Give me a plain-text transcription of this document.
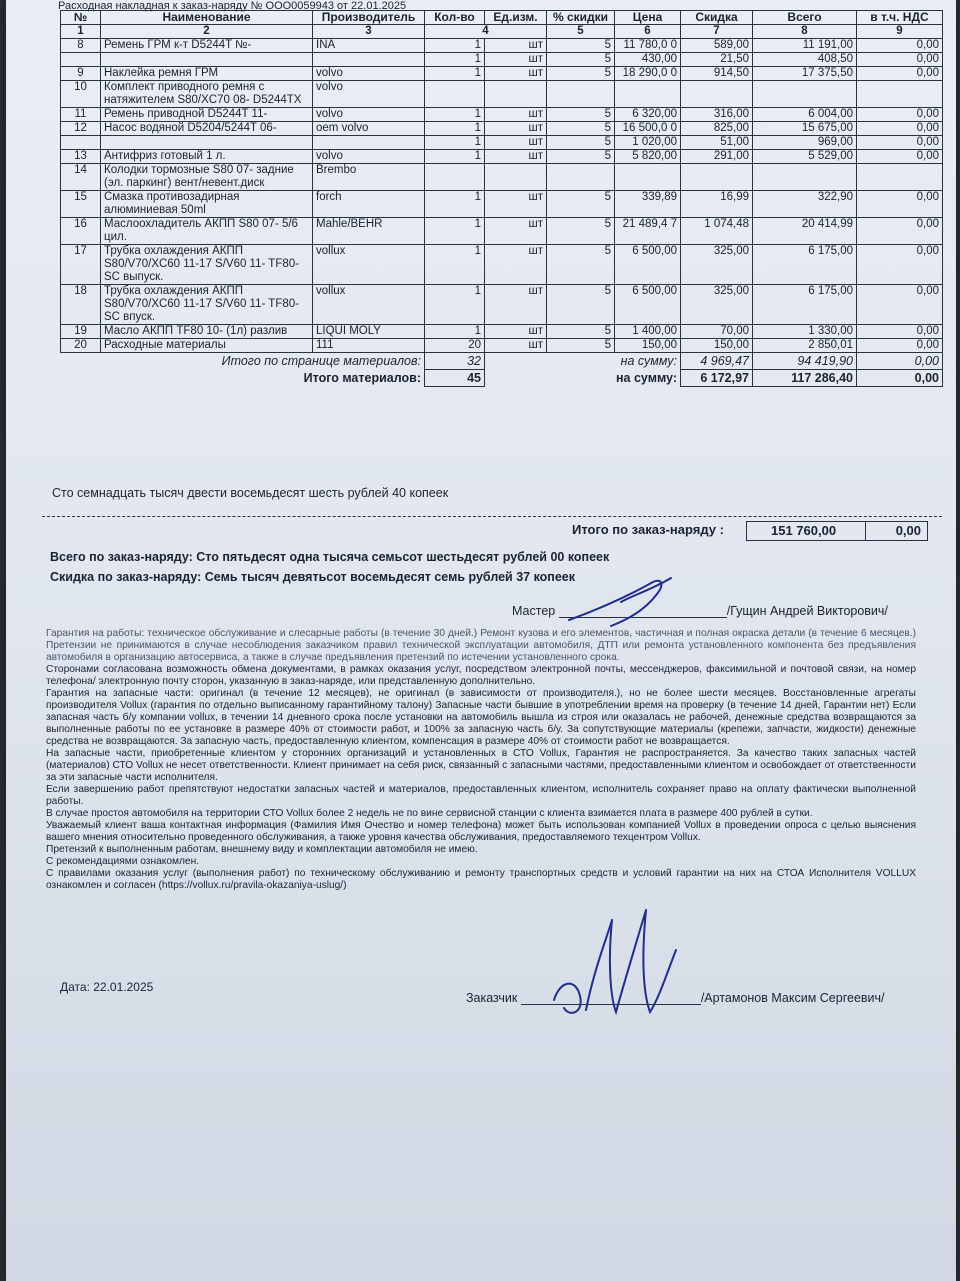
Расходная накладная к заказ-наряду № ООО0059943 от 22.01.2025
№	Наименование	Производитель	Кол-во	Ед.изм.	% скидки	Цена	Скидка	Всего	в т.ч. НДС
1	2	3	4		5	6	7	8	9
8	Ремень ГРМ к-т D5244T №-	INA	1	шт	5	11 780,0 0	589,00	11 191,00	0,00
			1	шт	5	430,00	21,50	408,50	0,00
9	Наклейка ремня ГРМ	volvo	1	шт	5	18 290,0 0	914,50	17 375,50	0,00
10	Комплект приводного ремня с натяжителем S80/XC70 08- D5244TX	volvo							
11	Ремень приводной D5244T 11-	volvo	1	шт	5	6 320,00	316,00	6 004,00	0,00
12	Насос водяной D5204/5244T 06-	oem volvo	1	шт	5	16 500,0 0	825,00	15 675,00	0,00
			1	шт	5	1 020,00	51,00	969,00	0,00
13	Антифриз готовый 1 л.	volvo	1	шт	5	5 820,00	291,00	5 529,00	0,00
14	Колодки тормозные S80 07- задние (эл. паркинг) вент/невент.диск	Brembo							
15	Смазка противозадирная алюминиевая 50ml	forch	1	шт	5	339,89	16,99	322,90	0,00
16	Маслоохладитель АКПП S80 07- 5/6 цил.	Mahle/BEHR	1	шт	5	21 489,4 7	1 074,48	20 414,99	0,00
17	Трубка охлаждения АКПП S80/V70/XC60 11-17 S/V60 11- TF80-SC выпуск.	vollux	1	шт	5	6 500,00	325,00	6 175,00	0,00
18	Трубка охлаждения АКПП S80/V70/XC60 11-17 S/V60 11- TF80-SC впуск.	vollux	1	шт	5	6 500,00	325,00	6 175,00	0,00
19	Масло АКПП TF80 10- (1л) разлив	LIQUI MOLY	1	шт	5	1 400,00	70,00	1 330,00	0,00
20	Расходные материалы	111	20	шт	5	150,00	150,00	2 850,01	0,00
Итого по странице материалов:			32	на сумму:			4 969,47	94 419,90	0,00
Итого материалов:			45	на сумму:			6 172,97	117 286,40	0,00
Сто семнадцать тысяч двести восемьдесят шесть рублей 40 копеек
Итого по заказ-наряду :	151 760,00	0,00
Всего по заказ-наряду: Сто пятьдесят одна тысяча семьсот шестьдесят рублей 00 копеек
Скидка по заказ-наряду: Семь тысяч девятьсот восемьдесят семь рублей 37 копеек
Мастер	/Гущин Андрей Викторович/

Гарантия на работы: техническое обслуживание и слесарные работы (в течение 30 дней.) Ремонт кузова и его элементов, частичная и полная окраска детали (в течение 6 месяцев.) Претензии не принимаются в случае несоблюдения заказчиком правил технической эксплуатации автомобиля, ДТП или ремонта установленного компонента без предъявления автомобиля в организацию автосервиса, а также в случае предъявления претензий по истечении установленного срока.

Сторонами согласована возможность обмена документами, в рамках оказания услуг, посредством электронной почты, мессенджеров, факсимильной и почтовой связи, на номер телефона/ электронную почту сторон, указанную в заказ-наряде, или представленную дополнительно.

Гарантия на запасные части: оригинал (в течение 12 месяцев), не оригинал (в зависимости от производителя.), но не более шести месяцев. Восстановленные агрегаты производителя Vollux (гарантия по отдельно выписанному гарантийному талону) Запасные части бывшие в употреблении время на проверку (в течение 14 дней, Гарантии нет) Если запасная часть б/у компании vollux, в течении 14 дневного срока после установки на автомобиль вышла из строя или оказалась не рабочей, денежные средства возвращаются за выполненные работы по ее установке в размере 40% от стоимости работ, и 100% за запасную часть б/у. За сопутствующие материалы (крепежи, запчасти, жидкости) денежные средства не возвращаются. За запасную часть, предоставленную клиентом, компенсация в размере 40% от стоимости работ не возвращается.

На запасные части, приобретенные клиентом у сторонних организаций и установленных в СТО Vollux, Гарантия не распространяется. За качество таких запасных частей (материалов) СТО Vollux не несет ответственности. Клиент принимает на себя риск, связанный с запасными частями, предоставленными клиентом и освобождает от ответственности за эти запасные части исполнителя.

Если завершению работ препятствуют недостатки запасных частей и материалов, предоставленных клиентом, исполнитель сохраняет право на оплату фактически выполненной работы.

В случае простоя автомобиля на территории СТО Vollux более 2 недель не по вине сервисной станции с клиента взимается плата в размере 400 рублей в сутки.

Уважаемый клиент ваша контактная информация (Фамилия Имя Очество и номер телефона) может быть использован компанией Vollux в проведении опроса с целью выяснения вашего мнения относительно проведенного обслуживания, а также уровня качества обслуживания, предоставляемого техцентром Vollux.

Претензий к выполненным работам, внешнему виду и комплектации автомобиля не имею.

С рекомендациями ознакомлен.

С правилами оказания услуг (выполнения работ) по техническому обслуживанию и ремонту транспортных средств и условий гарантии на них на СТОА Исполнителя VOLLUX ознакомлен и согласен (https://vollux.ru/pravila-okazaniya-uslug/)

Дата: 22.01.2025
Заказчик	/Артамонов Максим Сергеевич/
